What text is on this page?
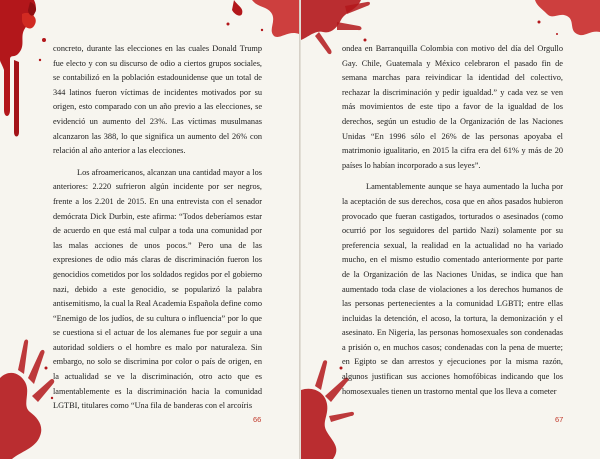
concreto, durante las elecciones en las cuales Donald Trump fue electo y con su discurso de odio a ciertos grupos sociales, se contabilizó en la población estadounidense que un total de 344 latinos fueron víctimas de incidentes motivados por su origen, esto comparado con un año previo a las elecciones, se evidenció un aumento del 23%. Las víctimas musulmanas alcanzaron las 388, lo que significa un aumento del 26% con relación al año anterior a las elecciones.

Los afroamericanos, alcanzan una cantidad mayor a los anteriores: 2.220 sufrieron algún incidente por ser negros, frente a los 2.201 de 2015. En una entrevista con el senador demócrata Dick Durbin, este afirma: “Todos deberíamos estar de acuerdo en que está mal culpar a toda una comunidad por las malas acciones de unos pocos.” Pero una de las expresiones de odio más claras de discriminación fueron los genocidios cometidos por los soldados regidos por el gobierno nazi, debido a este genocidio, se popularizó la palabra antisemitismo, la cual la Real Academia Española define como “Enemigo de los judíos, de su cultura o influencia” por lo que se cuestiona si el actuar de los alemanes fue por seguir a una autoridad soldiers o el hombre es malo por naturaleza. Sin embargo, no solo se discrimina por color o país de origen, en la actualidad se ve la discriminación, otro acto que es lamentablemente es la discriminación hacia la comunidad LGTBI, titulares como “Una fila de banderas con el arcoíris

66

ondea en Barranquilla Colombia con motivo del día del Orgullo Gay. Chile, Guatemala y México celebraron el pasado fin de semana marchas para reivindicar la identidad del colectivo, rechazar la discriminación y pedir igualdad.” y cada vez se ven más movimientos de este tipo a favor de la igualdad de los derechos, según un estudio de la Organización de las Naciones Unidas “En 1996 sólo el 26% de las personas apoyaba el matrimonio igualitario, en 2015 la cifra era del 61% y más de 20 países lo habían incorporado a sus leyes”.

Lamentablemente aunque se haya aumentado la lucha por la aceptación de sus derechos, cosa que en años pasados hubieron provocado que fueran castigados, torturados o asesinados (como ocurrió por los seguidores del partido Nazi) solamente por su preferencia sexual, la realidad en la actualidad no ha variado mucho, en el mismo estudio comentado anteriormente por parte de la Organización de las Naciones Unidas, se indica que han aumentado toda clase de violaciones a los derechos humanos de las personas pertenecientes a la comunidad LGBTI; entre ellas incluidas la detención, el acoso, la tortura, la demonización y el asesinato. En Nigeria, las personas homosexuales son condenadas a prisión o, en muchos casos; condenadas con la pena de muerte; en Egipto se dan arrestos y ejecuciones por la misma razón, algunos justifican sus acciones homofóbicas indicando que los homosexuales tienen un trastorno mental que los lleva a cometer

67
